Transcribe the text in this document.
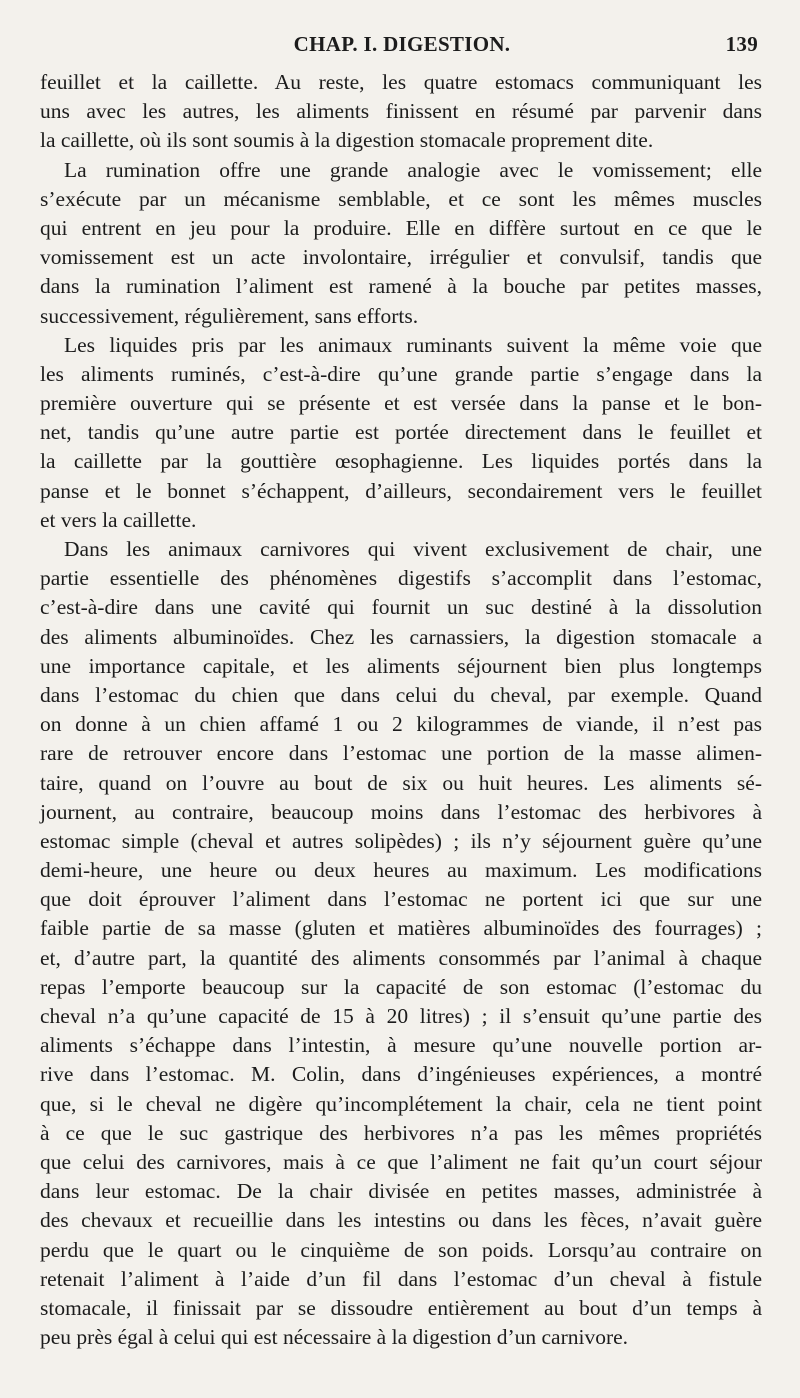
CHAP. I. DIGESTION.	139

feuillet et la caillette. Au reste, les quatre estomacs communiquant les
uns avec les autres, les aliments finissent en résumé par parvenir dans
la caillette, où ils sont soumis à la digestion stomacale proprement dite.

La rumination offre une grande analogie avec le vomissement; elle
s’exécute par un mécanisme semblable, et ce sont les mêmes muscles
qui entrent en jeu pour la produire. Elle en diffère surtout en ce que le
vomissement est un acte involontaire, irrégulier et convulsif, tandis que
dans la rumination l’aliment est ramené à la bouche par petites masses,
successivement, régulièrement, sans efforts.

Les liquides pris par les animaux ruminants suivent la même voie que
les aliments ruminés, c’est-à-dire qu’une grande partie s’engage dans la
première ouverture qui se présente et est versée dans la panse et le bon-
net, tandis qu’une autre partie est portée directement dans le feuillet et
la caillette par la gouttière œsophagienne. Les liquides portés dans la
panse et le bonnet s’échappent, d’ailleurs, secondairement vers le feuillet
et vers la caillette.

Dans les animaux carnivores qui vivent exclusivement de chair, une
partie essentielle des phénomènes digestifs s’accomplit dans l’estomac,
c’est-à-dire dans une cavité qui fournit un suc destiné à la dissolution
des aliments albuminoïdes. Chez les carnassiers, la digestion stomacale a
une importance capitale, et les aliments séjournent bien plus longtemps
dans l’estomac du chien que dans celui du cheval, par exemple. Quand
on donne à un chien affamé 1 ou 2 kilogrammes de viande, il n’est pas
rare de retrouver encore dans l’estomac une portion de la masse alimen-
taire, quand on l’ouvre au bout de six ou huit heures. Les aliments sé-
journent, au contraire, beaucoup moins dans l’estomac des herbivores à
estomac simple (cheval et autres solipèdes) ; ils n’y séjournent guère qu’une
demi-heure, une heure ou deux heures au maximum. Les modifications
que doit éprouver l’aliment dans l’estomac ne portent ici que sur une
faible partie de sa masse (gluten et matières albuminoïdes des fourrages) ;
et, d’autre part, la quantité des aliments consommés par l’animal à chaque
repas l’emporte beaucoup sur la capacité de son estomac (l’estomac du
cheval n’a qu’une capacité de 15 à 20 litres) ; il s’ensuit qu’une partie des
aliments s’échappe dans l’intestin, à mesure qu’une nouvelle portion ar-
rive dans l’estomac. M. Colin, dans d’ingénieuses expériences, a montré
que, si le cheval ne digère qu’incomplétement la chair, cela ne tient point
à ce que le suc gastrique des herbivores n’a pas les mêmes propriétés
que celui des carnivores, mais à ce que l’aliment ne fait qu’un court séjour
dans leur estomac. De la chair divisée en petites masses, administrée à
des chevaux et recueillie dans les intestins ou dans les fèces, n’avait guère
perdu que le quart ou le cinquième de son poids. Lorsqu’au contraire on
retenait l’aliment à l’aide d’un fil dans l’estomac d’un cheval à fistule
stomacale, il finissait par se dissoudre entièrement au bout d’un temps à
peu près égal à celui qui est nécessaire à la digestion d’un carnivore.
